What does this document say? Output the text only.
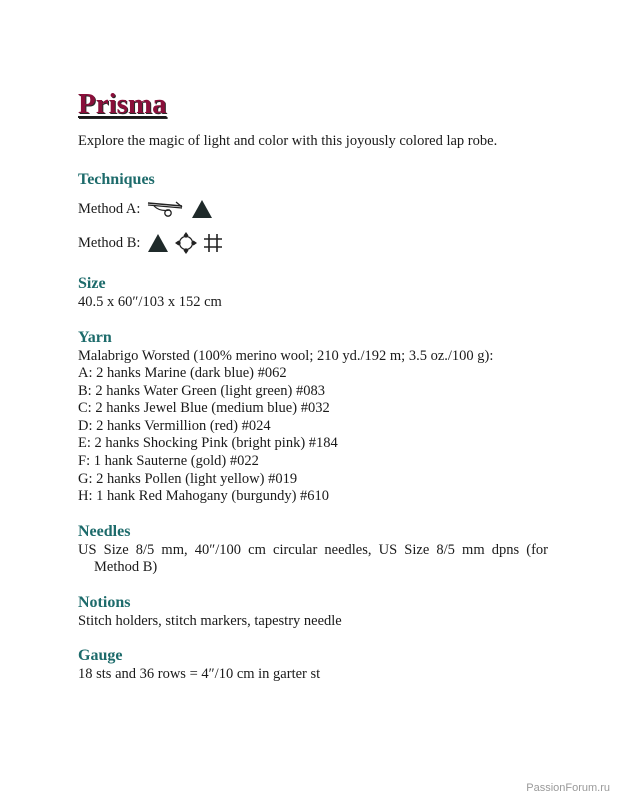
Prisma

Explore the magic of light and color with this joyously colored lap robe.

Techniques
Method A:
Method B:
Size

40.5 x 60″/103 x 152 cm

Yarn
Malabrigo Worsted (100% merino wool; 210 yd./192 m; 3.5 oz./100 g):
A: 2 hanks Marine (dark blue) #062
B: 2 hanks Water Green (light green) #083
C: 2 hanks Jewel Blue (medium blue) #032
D: 2 hanks Vermillion (red) #024
E: 2 hanks Shocking Pink (bright pink) #184
F: 1 hank Sauterne (gold) #022
G: 2 hanks Pollen (light yellow) #019
H: 1 hank Red Mahogany (burgundy) #610
Needles

US Size 8/5 mm, 40″/100 cm circular needles, US Size 8/5 mm dpns (for Method B)

Notions

Stitch holders, stitch markers, tapestry needle

Gauge

18 sts and 36 rows = 4″/10 cm in garter st

PassionForum.ru
